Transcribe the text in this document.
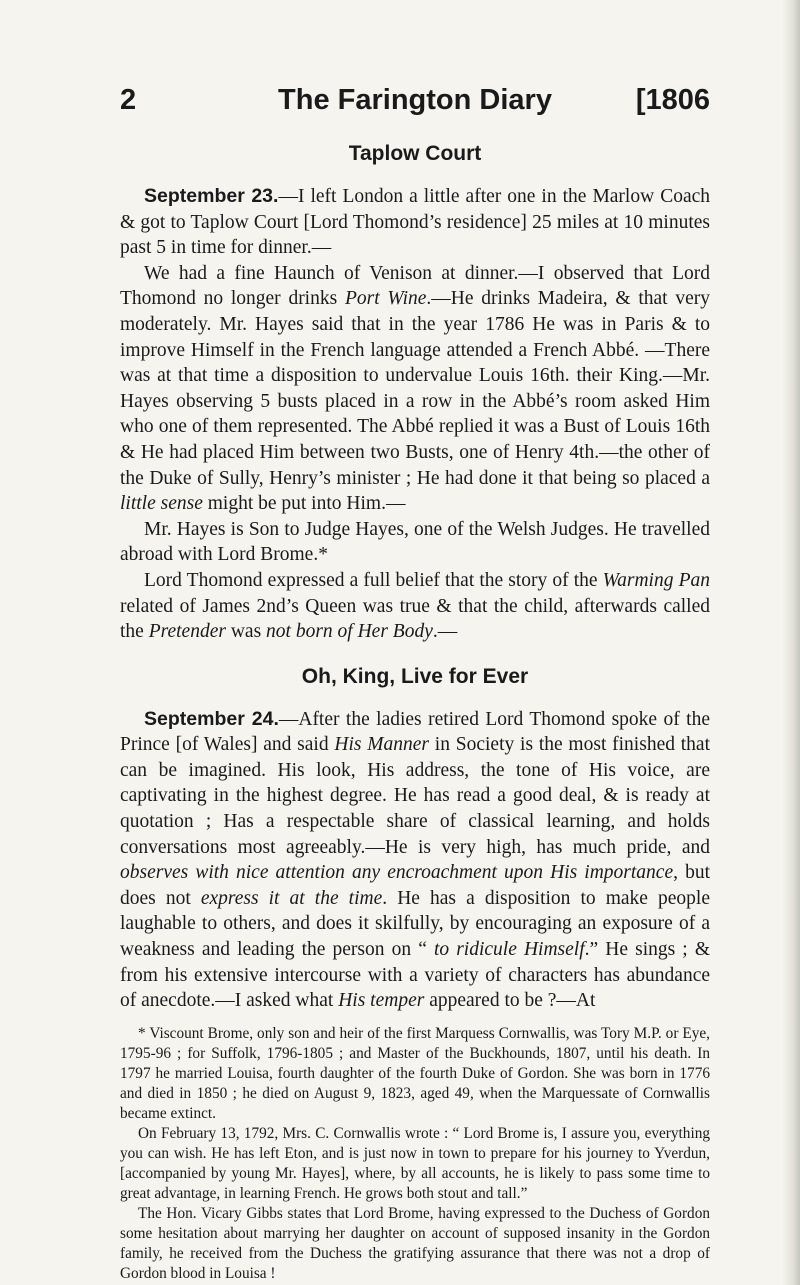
2	The Farington Diary	[1806
Taplow Court

September 23.—I left London a little after one in the Marlow Coach & got to Taplow Court [Lord Thomond’s residence] 25 miles at 10 minutes past 5 in time for dinner.—
We had a fine Haunch of Venison at dinner.—I observed that Lord Thomond no longer drinks Port Wine.—He drinks Madeira, & that very moderately. Mr. Hayes said that in the year 1786 He was in Paris & to improve Himself in the French language attended a French Abbé. —There was at that time a disposition to undervalue Louis 16th. their King.—Mr. Hayes observing 5 busts placed in a row in the Abbé’s room asked Him who one of them represented. The Abbé replied it was a Bust of Louis 16th & He had placed Him between two Busts, one of Henry 4th.—the other of the Duke of Sully, Henry’s minister ; He had done it that being so placed a little sense might be put into Him.—
Mr. Hayes is Son to Judge Hayes, one of the Welsh Judges. He travelled abroad with Lord Brome.*
Lord Thomond expressed a full belief that the story of the Warming Pan related of James 2nd’s Queen was true & that the child, afterwards called the Pretender was not born of Her Body.—

Oh, King, Live for Ever

September 24.—After the ladies retired Lord Thomond spoke of the Prince [of Wales] and said His Manner in Society is the most finished that can be imagined. His look, His address, the tone of His voice, are captivating in the highest degree. He has read a good deal, & is ready at quotation ; Has a respectable share of classical learning, and holds conversations most agreeably.—He is very high, has much pride, and observes with nice attention any encroachment upon His importance, but does not express it at the time. He has a disposition to make people laughable to others, and does it skilfully, by encouraging an exposure of a weakness and leading the person on “ to ridicule Himself.” He sings ; & from his extensive intercourse with a variety of characters has abundance of anecdote.—I asked what His temper appeared to be ?—At

* Viscount Brome, only son and heir of the first Marquess Cornwallis, was Tory M.P. or Eye, 1795-96 ; for Suffolk, 1796-1805 ; and Master of the Buckhounds, 1807, until his death. In 1797 he married Louisa, fourth daughter of the fourth Duke of Gordon. She was born in 1776 and died in 1850 ; he died on August 9, 1823, aged 49, when the Marquessate of Cornwallis became extinct.

On February 13, 1792, Mrs. C. Cornwallis wrote : “ Lord Brome is, I assure you, everything you can wish. He has left Eton, and is just now in town to prepare for his journey to Yverdun, [accompanied by young Mr. Hayes], where, by all accounts, he is likely to pass some time to great advantage, in learning French. He grows both stout and tall.”

The Hon. Vicary Gibbs states that Lord Brome, having expressed to the Duchess of Gordon some hesitation about marrying her daughter on account of supposed insanity in the Gordon family, he received from the Duchess the gratifying assurance that there was not a drop of Gordon blood in Louisa !
